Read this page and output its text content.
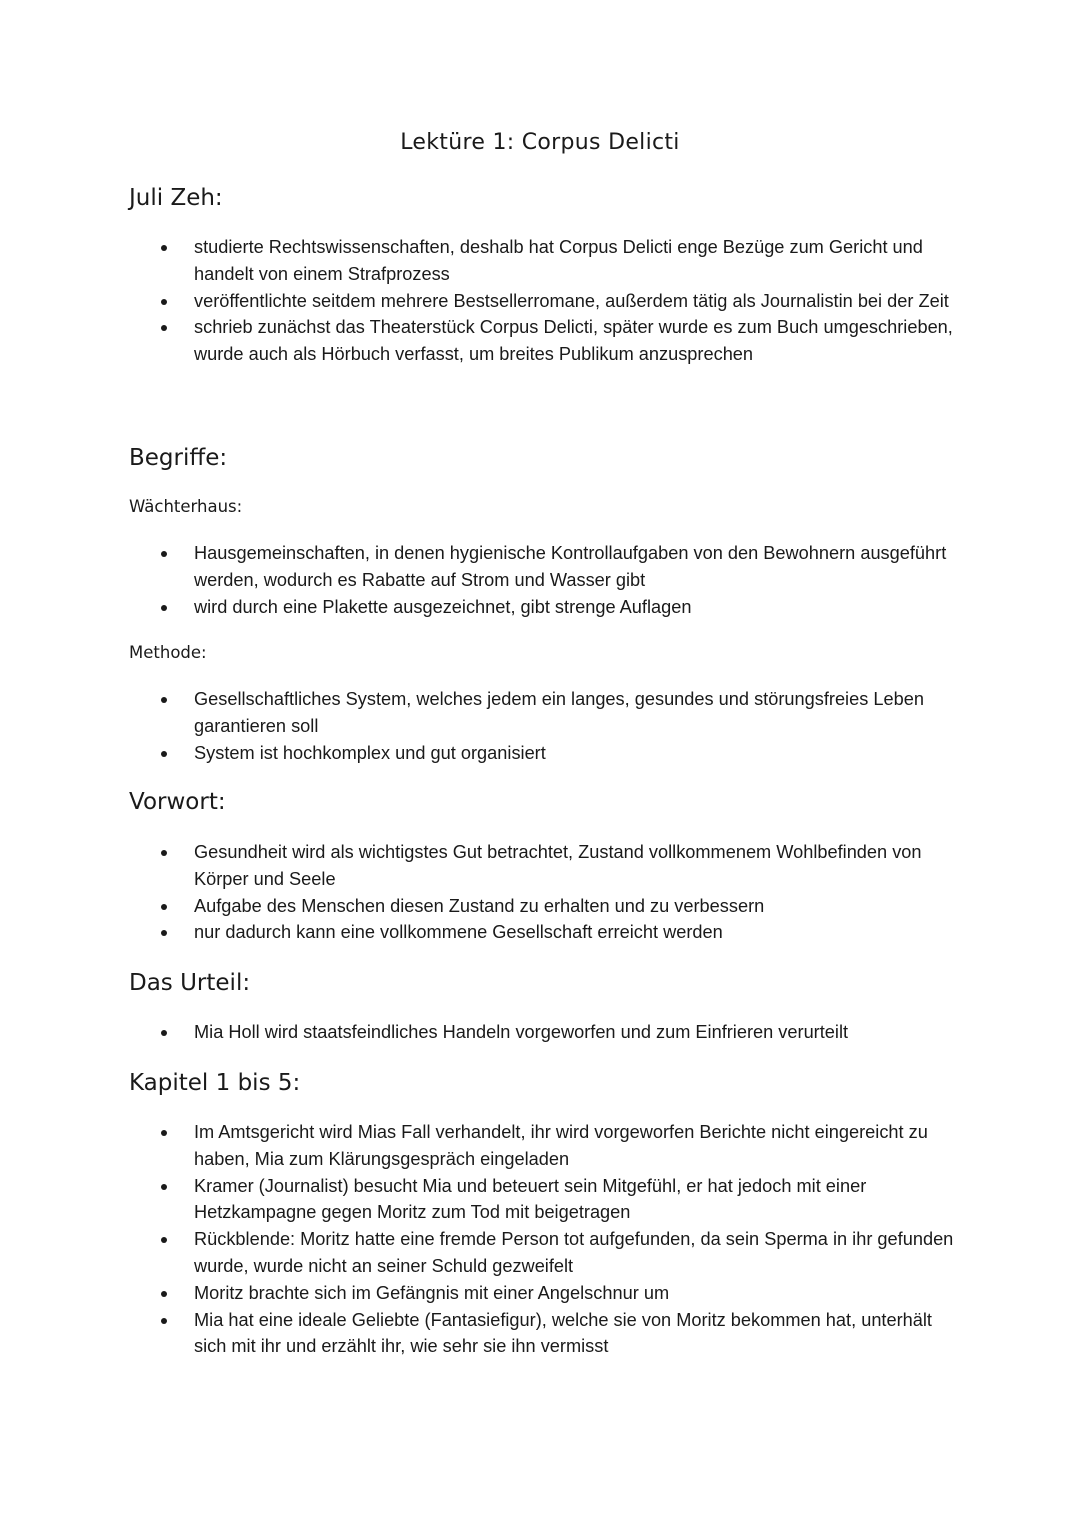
Lektüre 1: Corpus Delicti
Juli Zeh:
studierte Rechtswissenschaften, deshalb hat Corpus Delicti enge Bezüge zum Gericht und handelt von einem Strafprozess
veröffentlichte seitdem mehrere Bestsellerromane, außerdem tätig als Journalistin bei der Zeit
schrieb zunächst das Theaterstück Corpus Delicti, später wurde es zum Buch umgeschrieben, wurde auch als Hörbuch verfasst, um breites Publikum anzusprechen
Begriffe:
Wächterhaus:
Hausgemeinschaften, in denen hygienische Kontrollaufgaben von den Bewohnern ausgeführt werden, wodurch es Rabatte auf Strom und Wasser gibt
wird durch eine Plakette ausgezeichnet, gibt strenge Auflagen
Methode:
Gesellschaftliches System, welches jedem ein langes, gesundes und störungsfreies Leben garantieren soll
System ist hochkomplex und gut organisiert
Vorwort:
Gesundheit wird als wichtigstes Gut betrachtet, Zustand vollkommenem Wohlbefinden von Körper und Seele
Aufgabe des Menschen diesen Zustand zu erhalten und zu verbessern
nur dadurch kann eine vollkommene Gesellschaft erreicht werden
Das Urteil:
Mia Holl wird staatsfeindliches Handeln vorgeworfen und zum Einfrieren verurteilt
Kapitel 1 bis 5:
Im Amtsgericht wird Mias Fall verhandelt, ihr wird vorgeworfen Berichte nicht eingereicht zu haben, Mia zum Klärungsgespräch eingeladen
Kramer (Journalist) besucht Mia und beteuert sein Mitgefühl, er hat jedoch mit einer Hetzkampagne gegen Moritz zum Tod mit beigetragen
Rückblende: Moritz hatte eine fremde Person tot aufgefunden, da sein Sperma in ihr gefunden wurde, wurde nicht an seiner Schuld gezweifelt
Moritz brachte sich im Gefängnis mit einer Angelschnur um
Mia hat eine ideale Geliebte (Fantasiefigur), welche sie von Moritz bekommen hat, unterhält sich mit ihr und erzählt ihr, wie sehr sie ihn vermisst
